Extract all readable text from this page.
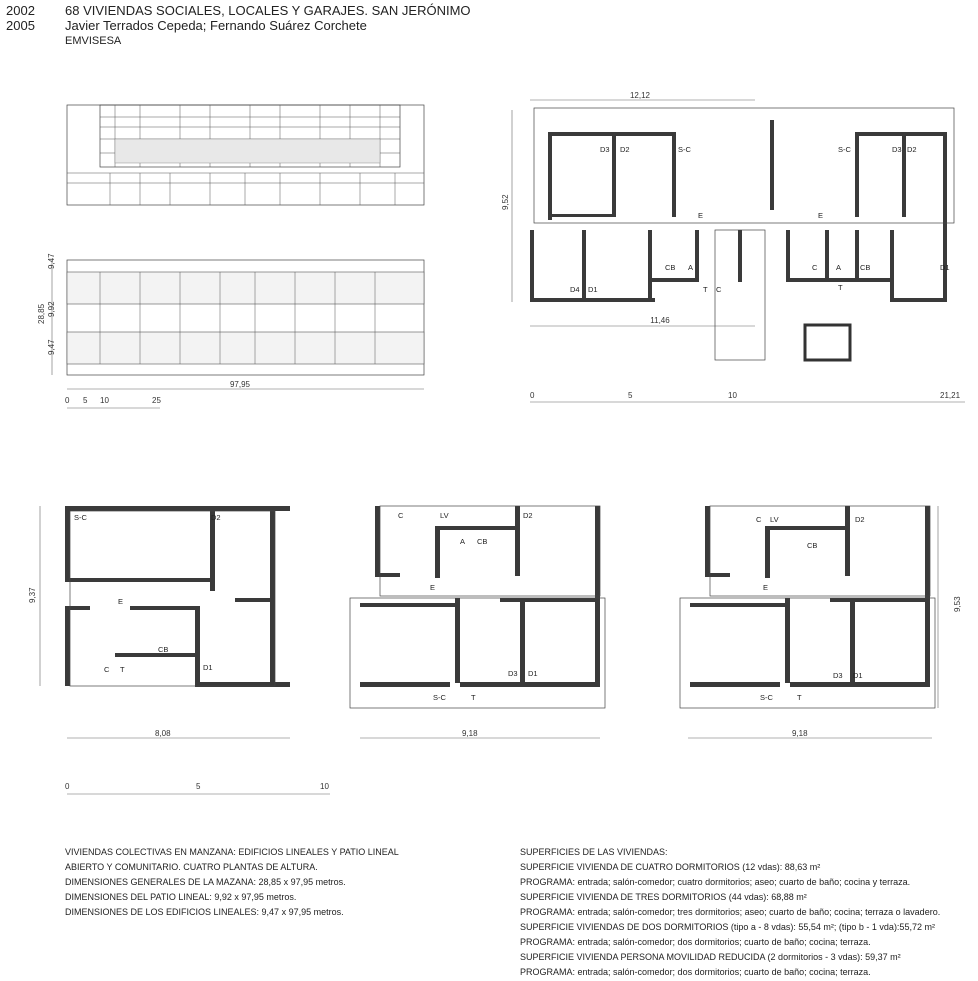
2002
2005
68 VIVIENDAS SOCIALES, LOCALES Y GARAJES. SAN JERÓNIMO
Javier Terrados Cepeda; Fernando Suárez Corchete
EMVISESA
97,95
28,85
9,47
9,92
9,47
0 5 10	25
12,12
9,52
11,46
D3 D2	S-C	S-C	D3 D2
E	E
CB A	C A	CB	D1
D4 D1	T C	T
0	5	10	21,21
9,37
8,08
S-C	D2
E
CB
D1
C T
0	5	10
C	LV	D2
A CB
E
D3 D1
S-C	T
9,18
C LV	D2
CB
E
D3 D1
S-C	T
9,53
9,18
VIVIENDAS COLECTIVAS EN MANZANA: EDIFICIOS LINEALES Y PATIO LINEAL
ABIERTO Y COMUNITARIO. CUATRO PLANTAS DE ALTURA.
DIMENSIONES GENERALES DE LA MAZANA: 28,85 x 97,95 metros.
DIMENSIONES DEL PATIO LINEAL: 9,92 x 97,95 metros.
DIMENSIONES DE LOS EDIFICIOS LINEALES: 9,47 x 97,95 metros.
SUPERFICIES DE LAS VIVIENDAS:
SUPERFICIE VIVIENDA DE CUATRO DORMITORIOS (12 vdas): 88,63 m²
PROGRAMA: entrada; salón-comedor; cuatro dormitorios; aseo; cuarto de baño; cocina y terraza.
SUPERFICIE VIVIENDA DE TRES DORMITORIOS (44 vdas): 68,88 m²
PROGRAMA: entrada; salón-comedor; tres dormitorios; aseo; cuarto de baño; cocina; terraza o lavadero.
SUPERFICIE VIVIENDAS DE DOS DORMITORIOS (tipo a - 8 vdas): 55,54 m²; (tipo b - 1 vda):55,72 m²
PROGRAMA: entrada; salón-comedor; dos dormitorios; cuarto de baño; cocina; terraza.
SUPERFICIE VIVIENDA PERSONA MOVILIDAD REDUCIDA (2 dormitorios - 3 vdas): 59,37 m²
PROGRAMA: entrada; salón-comedor; dos dormitorios; cuarto de baño; cocina; terraza.
